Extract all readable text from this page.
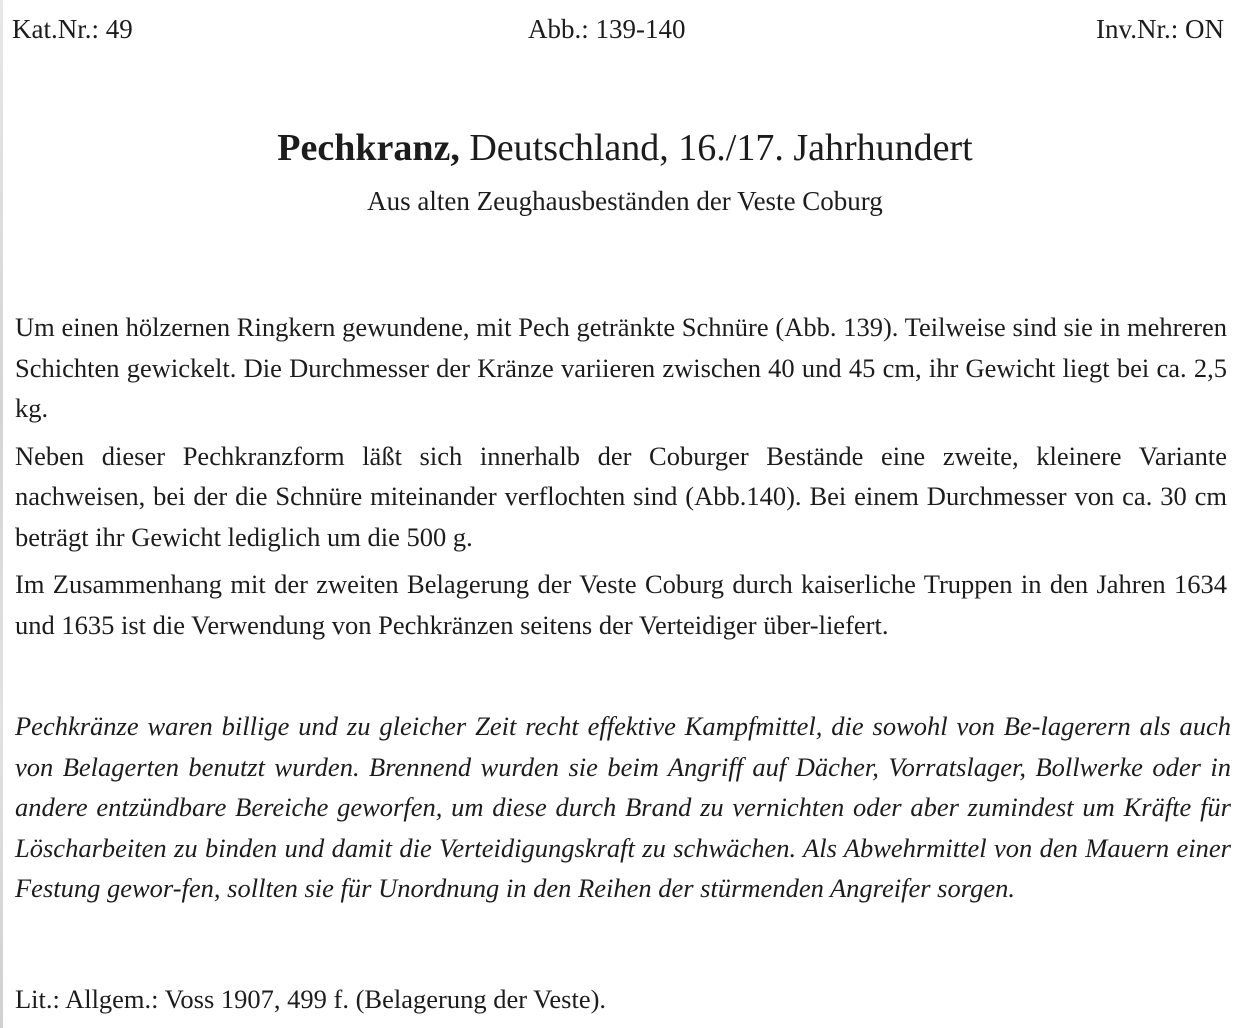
Kat.Nr.: 49	Abb.: 139-140	Inv.Nr.: ON
Pechkranz, Deutschland, 16./17. Jahrhundert
Aus alten Zeughausbeständen der Veste Coburg

Um einen hölzernen Ringkern gewundene, mit Pech getränkte Schnüre (Abb. 139). Teilweise sind sie in mehreren Schichten gewickelt. Die Durchmesser der Kränze variieren zwischen 40 und 45 cm, ihr Gewicht liegt bei ca. 2,5 kg.

Neben dieser Pechkranzform läßt sich innerhalb der Coburger Bestände eine zweite, kleinere Variante nachweisen, bei der die Schnüre miteinander verflochten sind (Abb.140). Bei einem Durchmesser von ca. 30 cm beträgt ihr Gewicht lediglich um die 500 g.

Im Zusammenhang mit der zweiten Belagerung der Veste Coburg durch kaiserliche Truppen in den Jahren 1634 und 1635 ist die Verwendung von Pechkränzen seitens der Verteidiger über-liefert.

Pechkränze waren billige und zu gleicher Zeit recht effektive Kampfmittel, die sowohl von Be-lagerern als auch von Belagerten benutzt wurden. Brennend wurden sie beim Angriff auf Dächer, Vorratslager, Bollwerke oder in andere entzündbare Bereiche geworfen, um diese durch Brand zu vernichten oder aber zumindest um Kräfte für Löscharbeiten zu binden und damit die Verteidigungskraft zu schwächen. Als Abwehrmittel von den Mauern einer Festung gewor-fen, sollten sie für Unordnung in den Reihen der stürmenden Angreifer sorgen.

Lit.: Allgem.: Voss 1907, 499 f. (Belagerung der Veste).
